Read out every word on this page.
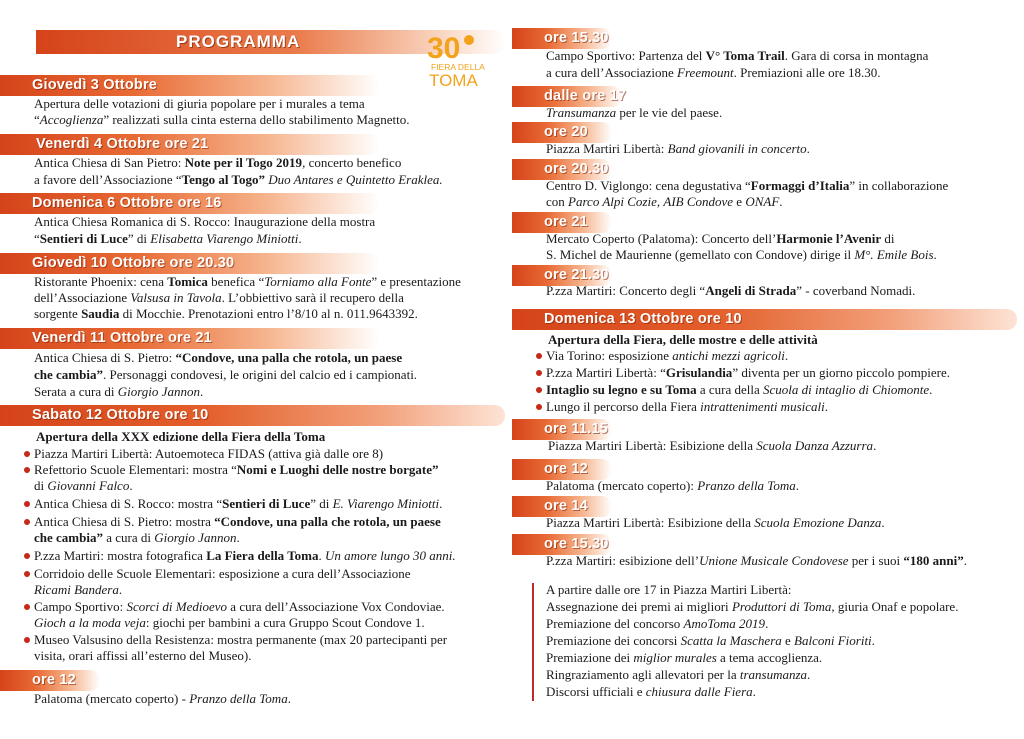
PROGRAMMA	30
FIERA DELLA
TOMA
Giovedì 3 Ottobre
Apertura delle votazioni di giuria popolare per i murales a tema
“Accoglienza” realizzati sulla cinta esterna dello stabilimento Magnetto.
Venerdì 4 Ottobre ore 21
Antica Chiesa di San Pietro: Note per il Togo 2019, concerto benefico
a favore dell’Associazione “Tengo al Togo” Duo Antares e Quintetto Eraklea.
Domenica 6 Ottobre ore 16
Antica Chiesa Romanica di S. Rocco: Inaugurazione della mostra
“Sentieri di Luce” di Elisabetta Viarengo Miniotti.
Giovedì 10 Ottobre ore 20.30
Ristorante Phoenix: cena Tomica benefica “Torniamo alla Fonte” e presentazione
dell’Associazione Valsusa in Tavola. L’obbiettivo sarà il recupero della
sorgente Saudia di Mocchie. Prenotazioni entro l’8/10 al n. 011.9643392.
Venerdì 11 Ottobre ore 21
Antica Chiesa di S. Pietro: “Condove, una palla che rotola, un paese
che cambia”. Personaggi condovesi, le origini del calcio ed i campionati.
Serata a cura di Giorgio Jannon.
Sabato 12 Ottobre ore 10
Apertura della XXX edizione della Fiera della Toma
Piazza Martiri Libertà: Autoemoteca FIDAS (attiva già dalle ore 8)
Refettorio Scuole Elementari: mostra “Nomi e Luoghi delle nostre borgate”
di Giovanni Falco.
Antica Chiesa di S. Rocco: mostra “Sentieri di Luce” di E. Viarengo Miniotti.
Antica Chiesa di S. Pietro: mostra “Condove, una palla che rotola, un paese
che cambia” a cura di Giorgio Jannon.
P.zza Martiri: mostra fotografica La Fiera della Toma. Un amore lungo 30 anni.
Corridoio delle Scuole Elementari: esposizione a cura dell’Associazione
Ricami Bandera.
Campo Sportivo: Scorci di Medioevo a cura dell’Associazione Vox Condoviae.
Gioch a la moda veja: giochi per bambini a cura Gruppo Scout Condove 1.
Museo Valsusino della Resistenza: mostra permanente (max 20 partecipanti per
visita, orari affissi all’esterno del Museo).
ore 12
Palatoma (mercato coperto) - Pranzo della Toma.
ore 15.30
Campo Sportivo: Partenza del V° Toma Trail. Gara di corsa in montagna
a cura dell’Associazione Freemount. Premiazioni alle ore 18.30.
dalle ore 17
Transumanza per le vie del paese.
ore 20
Piazza Martiri Libertà: Band giovanili in concerto.
ore 20.30
Centro D. Viglongo: cena degustativa “Formaggi d’Italia” in collaborazione
con Parco Alpi Cozie, AIB Condove e ONAF.
ore 21
Mercato Coperto (Palatoma): Concerto dell’Harmonie l’Avenir di
S. Michel de Maurienne (gemellato con Condove) dirige il M°. Emile Bois.
ore 21.30
P.zza Martiri: Concerto degli “Angeli di Strada” - coverband Nomadi.
Domenica 13 Ottobre ore 10
Apertura della Fiera, delle mostre e delle attività
Via Torino: esposizione antichi mezzi agricoli.
P.zza Martiri Libertà: “Grisulandia” diventa per un giorno piccolo pompiere.
Intaglio su legno e su Toma a cura della Scuola di intaglio di Chiomonte.
Lungo il percorso della Fiera intrattenimenti musicali.
ore 11.15
Piazza Martiri Libertà: Esibizione della Scuola Danza Azzurra.
ore 12
Palatoma (mercato coperto): Pranzo della Toma.
ore 14
Piazza Martiri Libertà: Esibizione della Scuola Emozione Danza.
ore 15.30
P.zza Martiri: esibizione dell’Unione Musicale Condovese per i suoi “180 anni”.
A partire dalle ore 17 in Piazza Martiri Libertà:
Assegnazione dei premi ai migliori Produttori di Toma, giuria Onaf e popolare.
Premiazione del concorso AmoToma 2019.
Premiazione dei concorsi Scatta la Maschera e Balconi Fioriti.
Premiazione dei miglior murales a tema accoglienza.
Ringraziamento agli allevatori per la transumanza.
Discorsi ufficiali e chiusura dalle Fiera.
